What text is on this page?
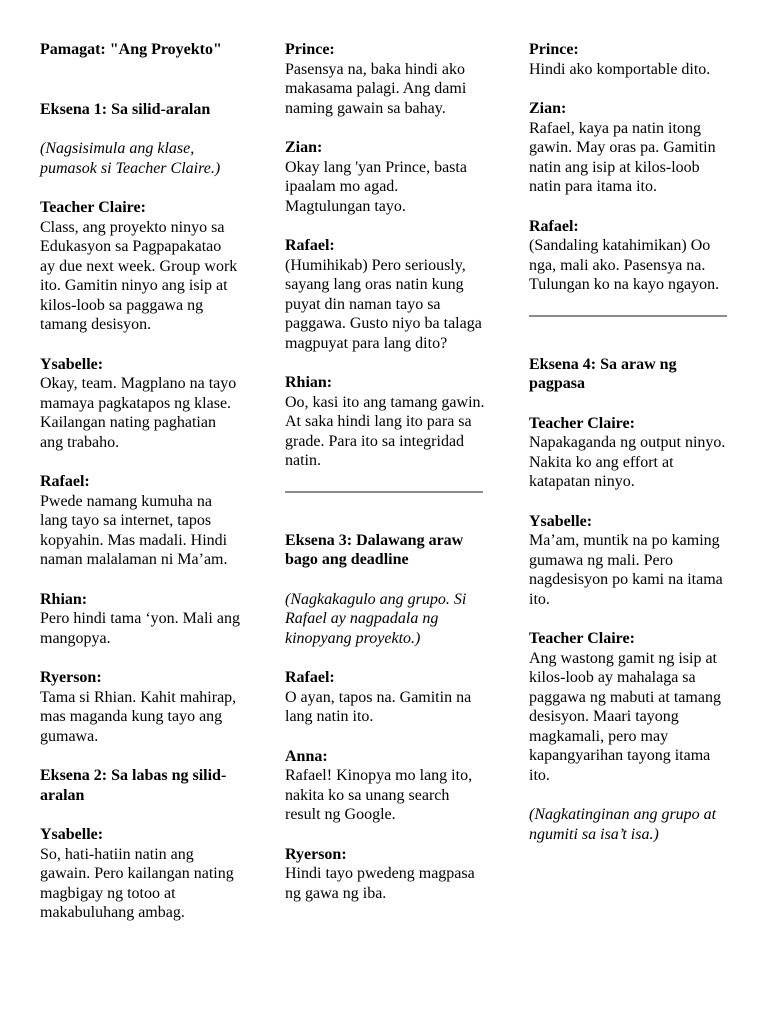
Pamagat: "Ang Proyekto"
Eksena 1: Sa silid-aralan
(Nagsisimula ang klase, pumasok si Teacher Claire.)
Teacher Claire:
Class, ang proyekto ninyo sa Edukasyon sa Pagpapakatao ay due next week. Group work ito. Gamitin ninyo ang isip at kilos-loob sa paggawa ng tamang desisyon.
Ysabelle:
Okay, team. Magplano na tayo mamaya pagkatapos ng klase. Kailangan nating paghatian ang trabaho.
Rafael:
Pwede namang kumuha na lang tayo sa internet, tapos kopyahin. Mas madali. Hindi naman malalaman ni Ma’am.
Rhian:
Pero hindi tama ‘yon. Mali ang mangopya.
Ryerson:
Tama si Rhian. Kahit mahirap, mas maganda kung tayo ang gumawa.
Eksena 2: Sa labas ng silid-aralan
Ysabelle:
So, hati-hatiin natin ang gawain. Pero kailangan nating magbigay ng totoo at makabuluhang ambag.
Prince:
Pasensya na, baka hindi ako makasama palagi. Ang dami naming gawain sa bahay.
Zian:
Okay lang 'yan Prince, basta ipaalam mo agad. Magtulungan tayo.
Rafael:
(Humihikab) Pero seriously, sayang lang oras natin kung puyat din naman tayo sa paggawa. Gusto niyo ba talaga magpuyat para lang dito?
Rhian:
Oo, kasi ito ang tamang gawin. At saka hindi lang ito para sa grade. Para ito sa integridad natin.
Eksena 3: Dalawang araw bago ang deadline
(Nagkakagulo ang grupo. Si Rafael ay nagpadala ng kinopyang proyekto.)
Rafael:
O ayan, tapos na. Gamitin na lang natin ito.
Anna:
Rafael! Kinopya mo lang ito, nakita ko sa unang search result ng Google.
Ryerson:
Hindi tayo pwedeng magpasa ng gawa ng iba.
Prince:
Hindi ako komportable dito.
Zian:
Rafael, kaya pa natin itong gawin. May oras pa. Gamitin natin ang isip at kilos-loob natin para itama ito.
Rafael:
(Sandaling katahimikan) Oo nga, mali ako. Pasensya na. Tulungan ko na kayo ngayon.
Eksena 4: Sa araw ng pagpasa
Teacher Claire:
Napakaganda ng output ninyo. Nakita ko ang effort at katapatan ninyo.
Ysabelle:
Ma’am, muntik na po kaming gumawa ng mali. Pero nagdesisyon po kami na itama ito.
Teacher Claire:
Ang wastong gamit ng isip at kilos-loob ay mahalaga sa paggawa ng mabuti at tamang desisyon. Maari tayong magkamali, pero may kapangyarihan tayong itama ito.
(Nagkatinginan ang grupo at ngumiti sa isa’t isa.)
